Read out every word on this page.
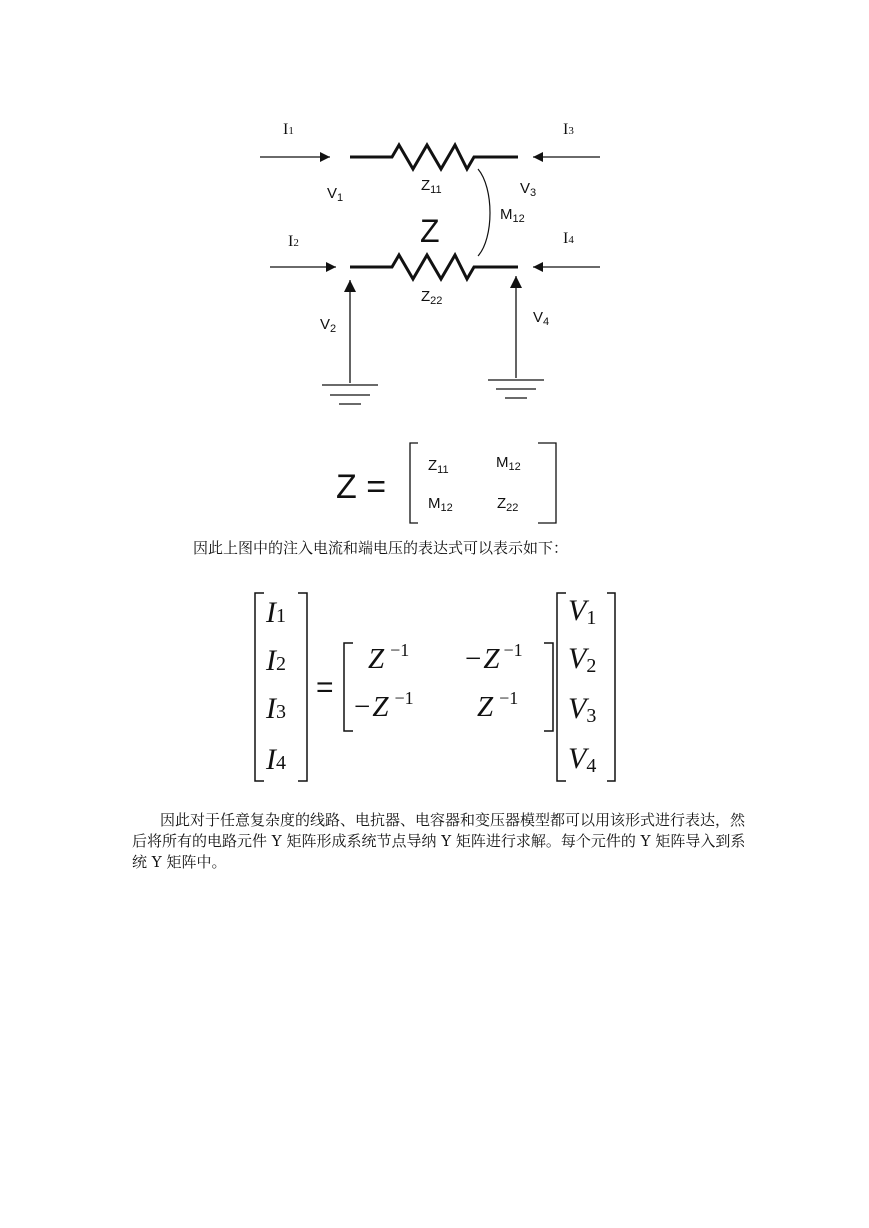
I1	I3
I2	I4
$V_1$
$V_3$
$V_2$
$V_4$
$Z_{11}$
$Z_{22}$
$M_{12}$
Z
Z =
$Z_{11}$	$M_{12}$
$M_{12}$	$Z_{22}$
I1
I2
I3
I4
=
Z $^{-1}$ −Z $^{-1}$
−Z $^{-1}$ Z $^{-1}$
V1
V2
V3
V4

因此上图中的注入电流和端电压的表达式可以表示如下：

因此对于任意复杂度的线路、电抗器、电容器和变压器模型都可以用该形式进行表达，然后将所有的电路元件 Y 矩阵形成系统节点导纳 Y 矩阵进行求解。每个元件的 Y 矩阵导入到系统 Y 矩阵中。
